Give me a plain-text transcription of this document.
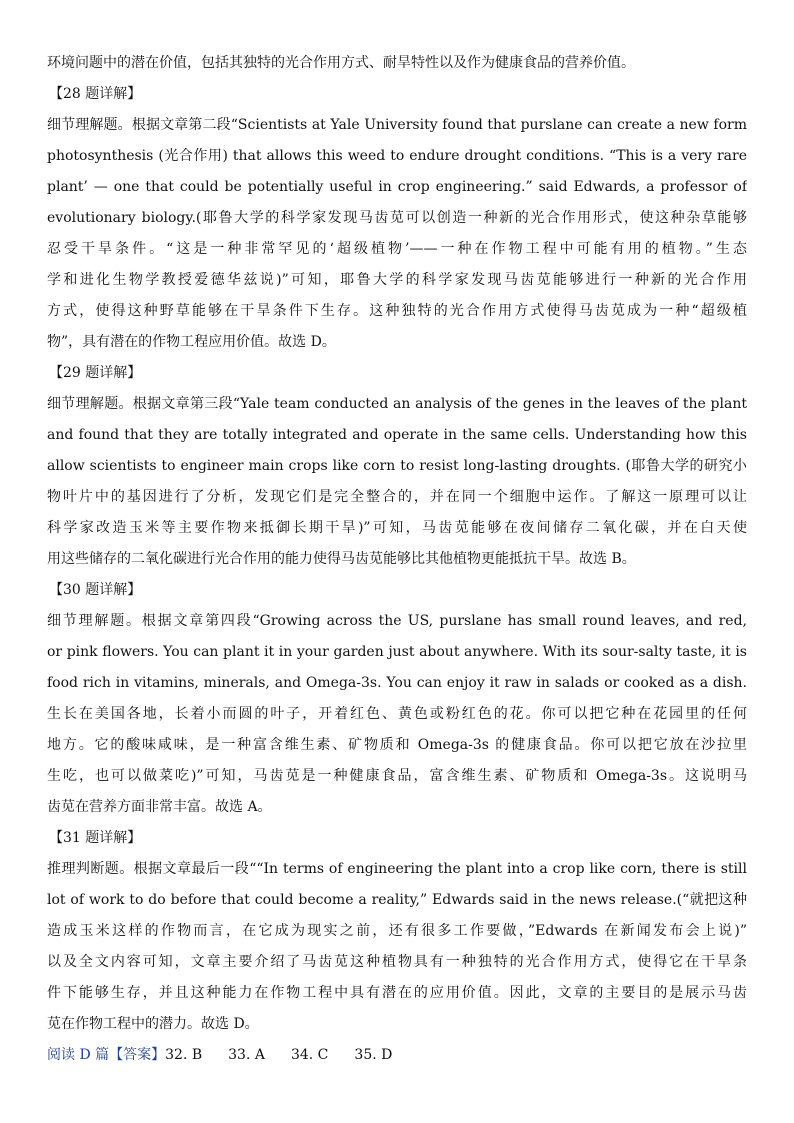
环境问题中的潜在价值，包括其独特的光合作用方式、耐旱特性以及作为健康食品的营养价值。
【28 题详解】
细节理解题。根据文章第二段“Scientists at Yale University found that purslane can create a new form
photosynthesis (光合作用) that allows this weed to endure drought conditions. “This is a very rare
plant’ — one that could be potentially useful in crop engineering.” said Edwards, a professor of
evolutionary biology.(耶鲁大学的科学家发现马齿苋可以创造一种新的光合作用形式，使这种杂草能够
忍受干旱条件。“这是一种非常罕见的‘超级植物’——一种在作物工程中可能有用的植物。”生态
学和进化生物学教授爱德华兹说)”可知，耶鲁大学的科学家发现马齿苋能够进行一种新的光合作用
方式，使得这种野草能够在干旱条件下生存。这种独特的光合作用方式使得马齿苋成为一种“超级植
物”，具有潜在的作物工程应用价值。故选 D。
【29 题详解】
细节理解题。根据文章第三段“Yale team conducted an analysis of the genes in the leaves of the plant
and found that they are totally integrated and operate in the same cells. Understanding how this
allow scientists to engineer main crops like corn to resist long-lasting droughts. (耶鲁大学的研究小
物叶片中的基因进行了分析，发现它们是完全整合的，并在同一个细胞中运作。了解这一原理可以让
科学家改造玉米等主要作物来抵御长期干旱)”可知，马齿苋能够在夜间储存二氧化碳，并在白天使
用这些储存的二氧化碳进行光合作用的能力使得马齿苋能够比其他植物更能抵抗干旱。故选 B。
【30 题详解】
细节理解题。根据文章第四段“Growing across the US, purslane has small round leaves, and red,
or pink flowers. You can plant it in your garden just about anywhere. With its sour-salty taste, it is
food rich in vitamins, minerals, and Omega-3s. You can enjoy it raw in salads or cooked as a dish.
生长在美国各地，长着小而圆的叶子，开着红色、黄色或粉红色的花。你可以把它种在花园里的任何
地方。它的酸味咸味，是一种富含维生素、矿物质和 Omega-3s 的健康食品。你可以把它放在沙拉里
生吃，也可以做菜吃)”可知，马齿苋是一种健康食品，富含维生素、矿物质和 Omega-3s。这说明马
齿苋在营养方面非常丰富。故选 A。
【31 题详解】
推理判断题。根据文章最后一段““In terms of engineering the plant into a crop like corn, there is still
lot of work to do before that could become a reality,” Edwards said in the news release.(“就把这种
造成玉米这样的作物而言，在它成为现实之前，还有很多工作要做，”Edwards 在新闻发布会上说)”
以及全文内容可知，文章主要介绍了马齿苋这种植物具有一种独特的光合作用方式，使得它在干旱条
件下能够生存，并且这种能力在作物工程中具有潜在的应用价值。因此，文章的主要目的是展示马齿
苋在作物工程中的潜力。故选 D。
阅读 D 篇【答案】32. B 33. A 34. C 35. D
